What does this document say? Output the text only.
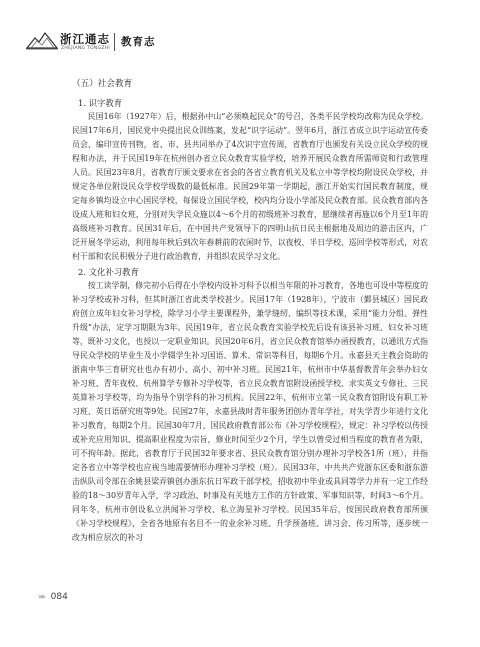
浙江通志
ZHEJIANG TONGZHI
教育志

（五）社会教育

1. 识字教育

民国16年（1927年）后，根据孙中山“必须唤起民众”的号召，各类平民学校均改称为民众学校。民国17年6月，国民党中央提出民众训练案，发起“识字运动”。翌年6月，浙江省成立识字运动宣传委员会，编印宣传刊物，省、市、县共同举办了4次识字宣传周，省教育厅也颁发有关设立民众学校的规程和办法，并于民国19年在杭州创办省立民众教育实验学校，培养开展民众教育所需师资和行政管理人员。民国23年8月，省教育厅颁文要求在省会的各省立教育机关及私立中等学校均附设民众学校，并规定各单位附设民众学校学级数的最低标准。民国29年第一学期起，浙江开始实行国民教育制度，规定每乡镇均设立中心国民学校，每保设立国民学校，校内均分设小学部及民众教育部。民众教育部内各设成人班和妇女班，分别对失学民众施以4～6个月的初级班补习教育，愿继续者再施以6个月至1年的高级班补习教育。民国31年后，在中国共产党领导下的四明山抗日民主根据地及周边的游击区内，广泛开展冬学运动，利用每年秋后到次年春耕前的农闲时节，以夜校、半日学校、巡回学校等形式，对农村干部和农民积极分子进行政治教育，并组织农民学习文化。

2. 文化补习教育

按工读学制，修完初小后得在小学校内设补习科予以相当年限的补习教育，各地也可设中等程度的补习学校或补习科，但其时浙江省此类学校甚少。民国17年（1928年），宁波市（鄞县城区）国民政府创立成年妇女补习学校，除学习小学主要课程外，兼学缝纫、编织等技术课，采用“能力分组、弹性升级”办法，定学习期限为3年。民国19年，省立民众教育实验学校先后设有该县补习班、妇女补习班等，既补习文化，也授以一定职业知识。民国20年6月，省立民众教育馆举办函授教育，以通讯方式指导民众学校的毕业生及小学辍学生补习国语、算术、常识等科目，每期6个月。永嘉县天主教会资助的浙南中华三育研究社也办有初小、高小、初中补习班。民国21年，杭州市中华基督教青年会举办妇女补习班、青年夜校、杭州算学专修补习学校等，省立民众教育馆附设函授学校、求实英文专修社、三民英算补习学校等，均为指导个别学科的补习机构。民国22年，杭州市立第一民众教育馆附设有职工补习班、英日语研究班等9处。民国27年，永嘉县战时青年服务团创办青年学社，对失学青少年进行文化补习教育，每期2个月。民国30年7月，国民政府教育部公布《补习学校规程》，规定：补习学校以传授或补充应用知识、提高职业程度为宗旨，修业时间至少2个月，学生以曾受过相当程度的教育者为限，可不拘年龄。据此，省教育厅于民国32年要求省、县民众教育馆分别办理补习学校各1所（班），并指定各省立中等学校也应视当地需要情形办理补习学校（班）。民国33年，中共共产党浙东区委和浙东游击纵队司令部在余姚县梁弄镇创办浙东抗日军政干部学校，招收初中毕业或具同等学力并有一定工作经验的18～30岁青年入学，学习政治、时事及有关地方工作的方针政策、军事知识等，时间3～6个月。同年冬，杭州市创设私立洪闻补习学校、私立海星补习学校。民国35年后，按国民政府教育部所颁《补习学校规程》，全省各地原有名目不一的业余补习班、升学预备班、讲习会、传习所等，逐步统一改为相应层次的补习

»» 084
